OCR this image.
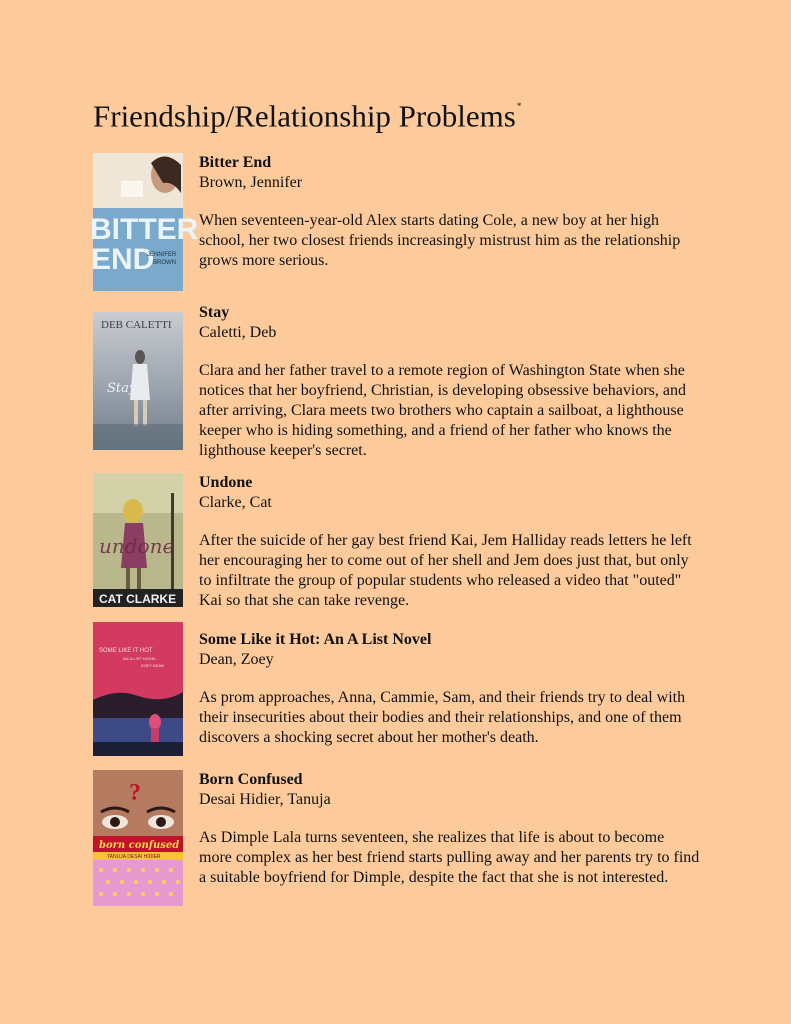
Friendship/Relationship Problems*
BITTER
END
JENNIFER
BROWN
Bitter End
Brown, Jennifer
When seventeen-year-old Alex starts dating Cole, a new boy at her high school, her two closest friends increasingly mistrust him as the relationship grows more serious.
DEB CALETTI
Stay
Stay
Caletti, Deb
Clara and her father travel to a remote region of Washington State when she notices that her boyfriend, Christian, is developing obsessive behaviors, and after arriving, Clara meets two brothers who captain a sailboat, a lighthouse keeper who is hiding something, and a friend of her father who knows the lighthouse keeper's secret.
undone
CAT CLARKE
Undone
Clarke, Cat
After the suicide of her gay best friend Kai, Jem Halliday reads letters he left her encouraging her to come out of her shell and Jem does just that, but only to infiltrate the group of popular students who released a video that "outed" Kai so that she can take revenge.
SOME LIKE IT HOT
AN A-LIST NOVEL
ZOEY DEAN
Some Like it Hot: An A List Novel
Dean, Zoey
As prom approaches, Anna, Cammie, Sam, and their friends try to deal with their insecurities about their bodies and their relationships, and one of them discovers a shocking secret about her mother's death.
?
born confused
TANUJA DESAI HIDIER
Born Confused
Desai Hidier, Tanuja
As Dimple Lala turns seventeen, she realizes that life is about to become more complex as her best friend starts pulling away and her parents try to find a suitable boyfriend for Dimple, despite the fact that she is not interested.
